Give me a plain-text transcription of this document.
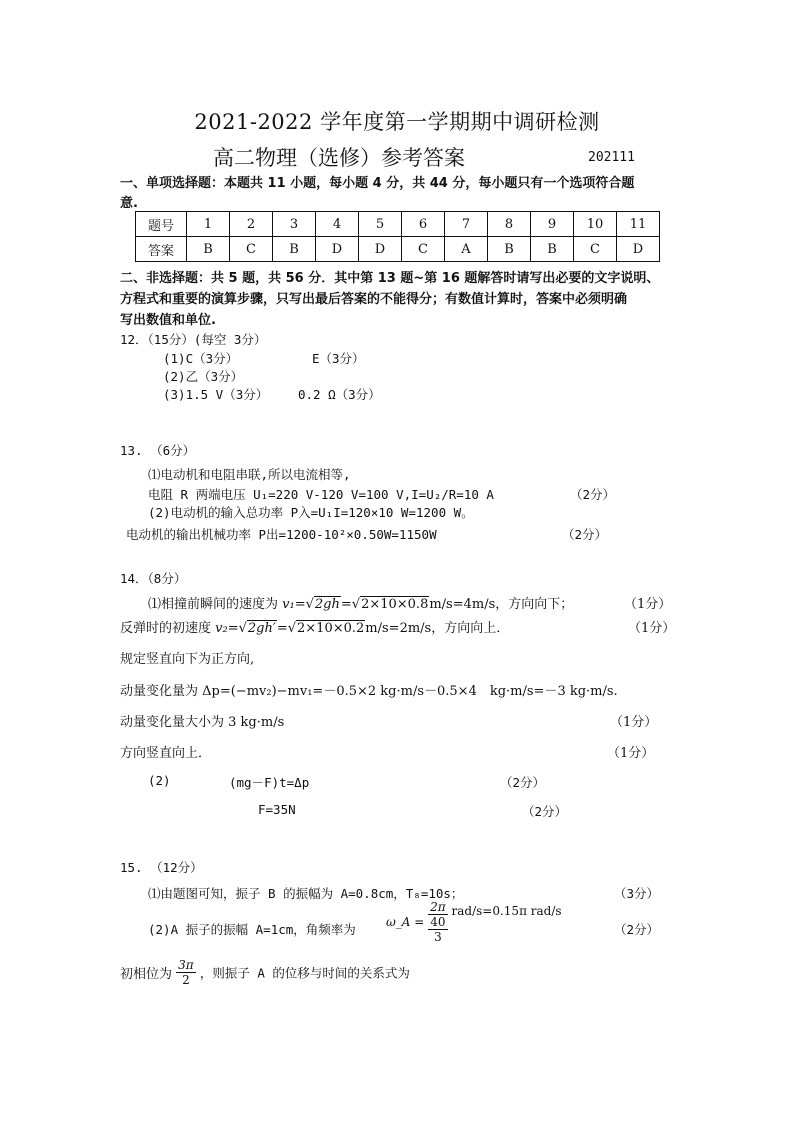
2021-2022 学年度第一学期期中调研检测
高二物理（选修）参考答案	202111
一、单项选择题：本题共 11 小题，每小题 4 分，共 44 分，每小题只有一个选项符合题
意.
题号	1	2	3	4	5	6	7	8	9	10	11
答案	B	C	B	D	D	C	A	B	B	C	D
二、非选择题：共 5 题，共 56 分．其中第 13 题~第 16 题解答时请写出必要的文字说明、
方程式和重要的演算步骤，只写出最后答案的不能得分；有数值计算时，答案中必须明确
写出数值和单位.
12．（15分）(每空 3分）
(1)C（3分）	E（3分）
(2)乙（3分）
(3)1.5 V（3分） 0.2 Ω（3分）
13. （6分）
⑴电动机和电阻串联,所以电流相等,
电阻 R 两端电压 U₁=220 V-120 V=100 V,I=U₂/R=10 A	（2分）
(2)电动机的输入总功率 P入=U₁I=120×10 W=1200 W。
电动机的输出机械功率 P出=1200-10²×0.50W=1150W	（2分）
14．（8分）
⑴相撞前瞬间的速度为 v₁=√2gh=√2×10×0.8m/s=4m/s，方向向下；	（1分）
反弹时的初速度 v₂=√2gh′=√2×10×0.2m/s=2m/s，方向向上．	（1分）
规定竖直向下为正方向,
动量变化量为 Δp=(−mv₂)−mv₁=－0.5×2 kg·m/s－0.5×4　kg·m/s=－3 kg·m/s.
动量变化量大小为 3 kg·m/s	（1分）
方向竖直向上．	（1分）
(2)	(mg－F)t=Δp	（2分）
F=35N	（2分）
15. （12分）
⑴由题图可知，振子 B 的振幅为 A=0.8cm，T₈=10s；	（3分）
(2)A 振子的振幅 A=1cm，角频率为	ω_A = 2π
40
3 rad/s=0.15π rad/s
（2分）
初相位为 $\frac{3\pi}{2}$ ，则振子 A 的位移与时间的关系式为
